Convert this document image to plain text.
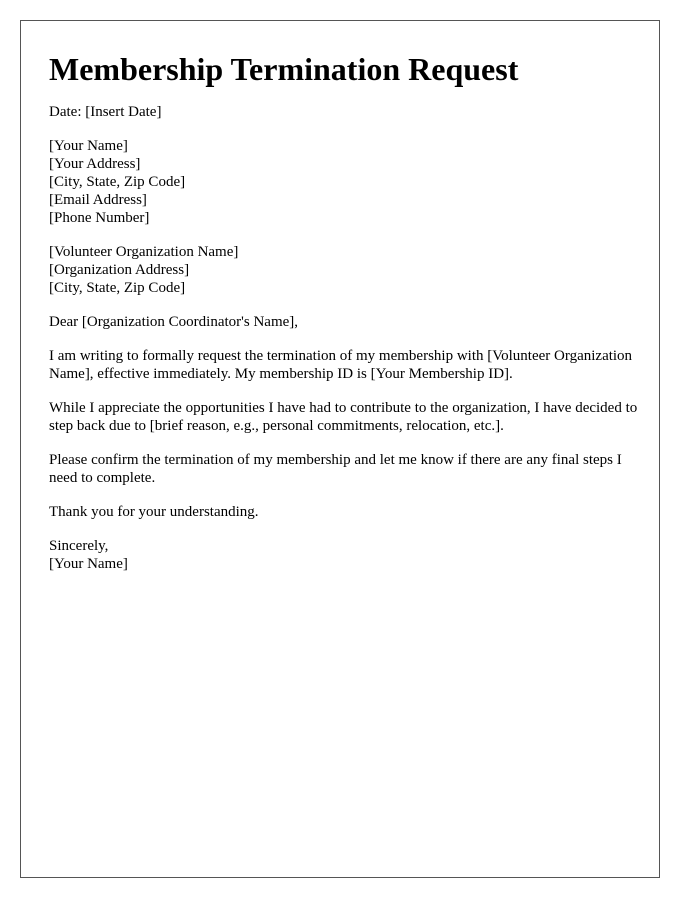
Membership Termination Request

Date: [Insert Date]

[Your Name]
[Your Address]
[City, State, Zip Code]
[Email Address]
[Phone Number]

[Volunteer Organization Name]
[Organization Address]
[City, State, Zip Code]

Dear [Organization Coordinator's Name],

I am writing to formally request the termination of my membership with [Volunteer Organization Name], effective immediately. My membership ID is [Your Membership ID].

While I appreciate the opportunities I have had to contribute to the organization, I have decided to step back due to [brief reason, e.g., personal commitments, relocation, etc.].

Please confirm the termination of my membership and let me know if there are any final steps I need to complete.

Thank you for your understanding.

Sincerely,
[Your Name]
